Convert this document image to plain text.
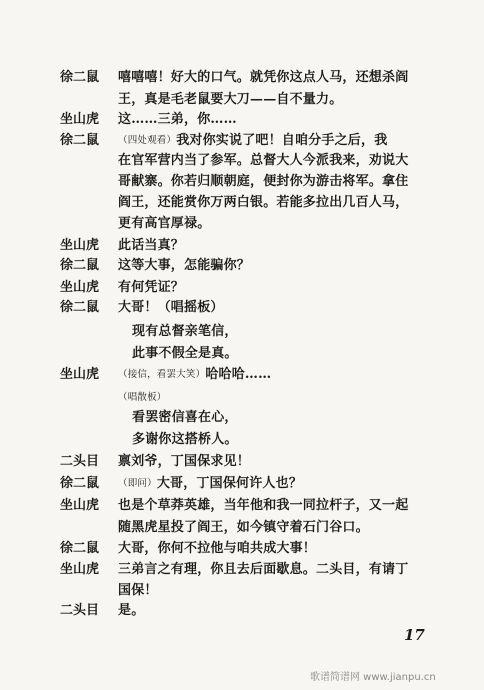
徐二鼠	嘻嘻嘻！好大的口气。就凭你这点人马，还想杀阎
王，真是毛老鼠要大刀——自不量力。
坐山虎	这……三弟，你……
徐二鼠	（四处观看）我对你实说了吧！自咱分手之后，我
在官军营内当了参军。总督大人今派我来，劝说大
哥献寨。你若归顺朝庭，便封你为游击将军。拿住
阎王，还能赏你万两白银。若能多拉出几百人马，
更有高官厚禄。
坐山虎	此话当真？
徐二鼠	这等大事，怎能骗你？
坐山虎	有何凭证？
徐二鼠	大哥！（唱摇板）
现有总督亲笔信，
此事不假全是真。
坐山虎	（接信，看罢大笑）哈哈哈……
（唱散板）
看罢密信喜在心，
多谢你这搭桥人。
二头目	禀刘爷，丁国保求见！
徐二鼠	（即问）大哥，丁国保何许人也？
坐山虎	也是个草莽英雄，当年他和我一同拉杆子，又一起
随黑虎星投了阎王，如今镇守着石门谷口。
徐二鼠	大哥，你何不拉他与咱共成大事！
坐山虎	三弟言之有理，你且去后面歇息。二头目，有请丁
国保！
二头目	是。
17
歌谱简谱网 www.jianpu.cn
